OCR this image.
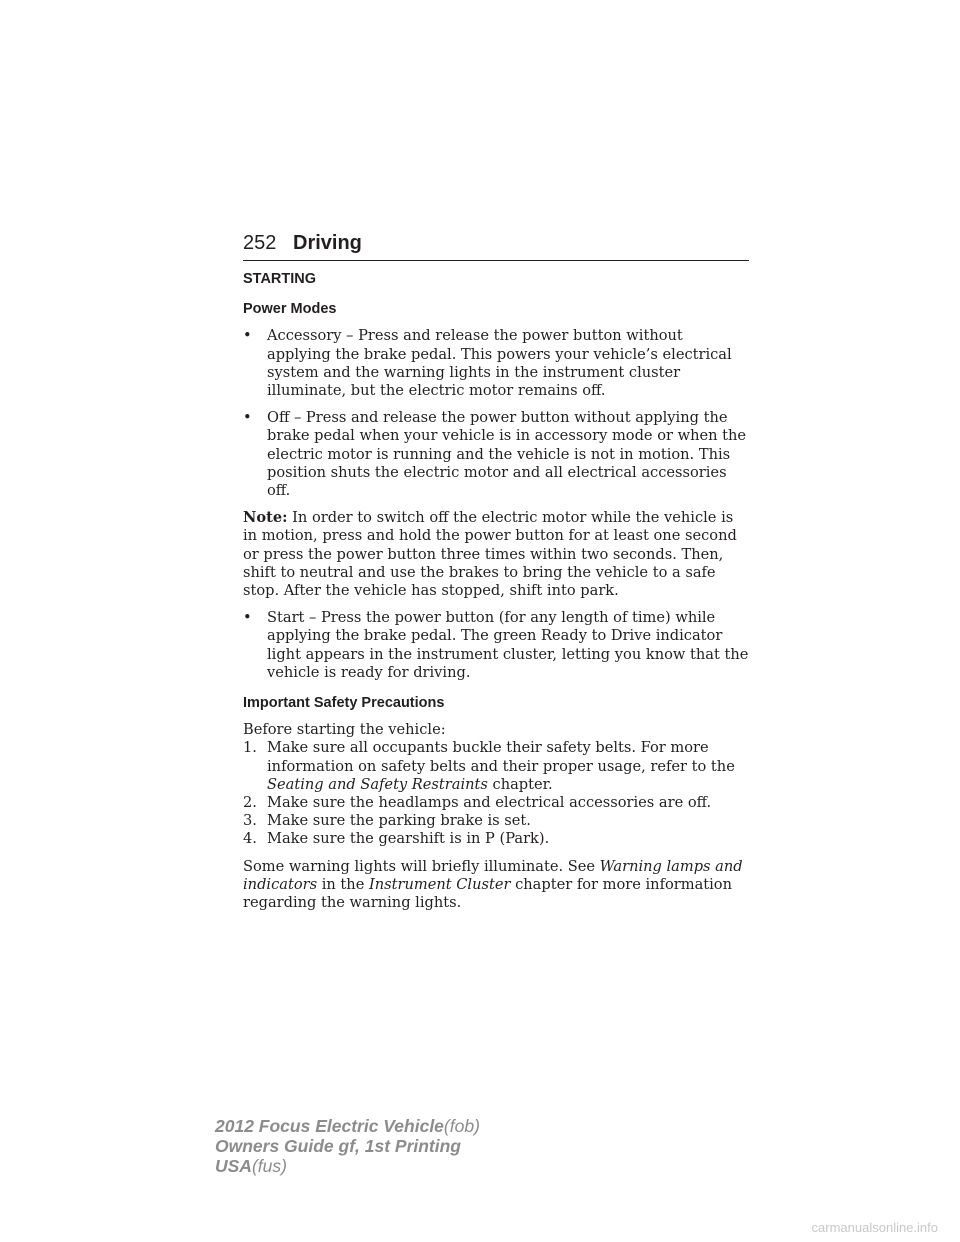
252 Driving
STARTING
Power Modes
• Accessory – Press and release the power button without applying the brake pedal. This powers your vehicle’s electrical system and the warning lights in the instrument cluster illuminate, but the electric motor remains off.
• Off – Press and release the power button without applying the brake pedal when your vehicle is in accessory mode or when the electric motor is running and the vehicle is not in motion. This position shuts the electric motor and all electrical accessories off.

Note: In order to switch off the electric motor while the vehicle is in motion, press and hold the power button for at least one second or press the power button three times within two seconds. Then, shift to neutral and use the brakes to bring the vehicle to a safe stop. After the vehicle has stopped, shift into park.

• Start – Press the power button (for any length of time) while applying the brake pedal. The green Ready to Drive indicator light appears in the instrument cluster, letting you know that the vehicle is ready for driving.
Important Safety Precautions
Before starting the vehicle:
1. Make sure all occupants buckle their safety belts. For more information on safety belts and their proper usage, refer to the Seating and Safety Restraints chapter.
2. Make sure the headlamps and electrical accessories are off.
3. Make sure the parking brake is set.
4. Make sure the gearshift is in P (Park).

Some warning lights will briefly illuminate. See Warning lamps and indicators in the Instrument Cluster chapter for more information regarding the warning lights.

2012 Focus Electric Vehicle(fob)
Owners Guide gf, 1st Printing
USA(fus)
carmanualsonline.info
